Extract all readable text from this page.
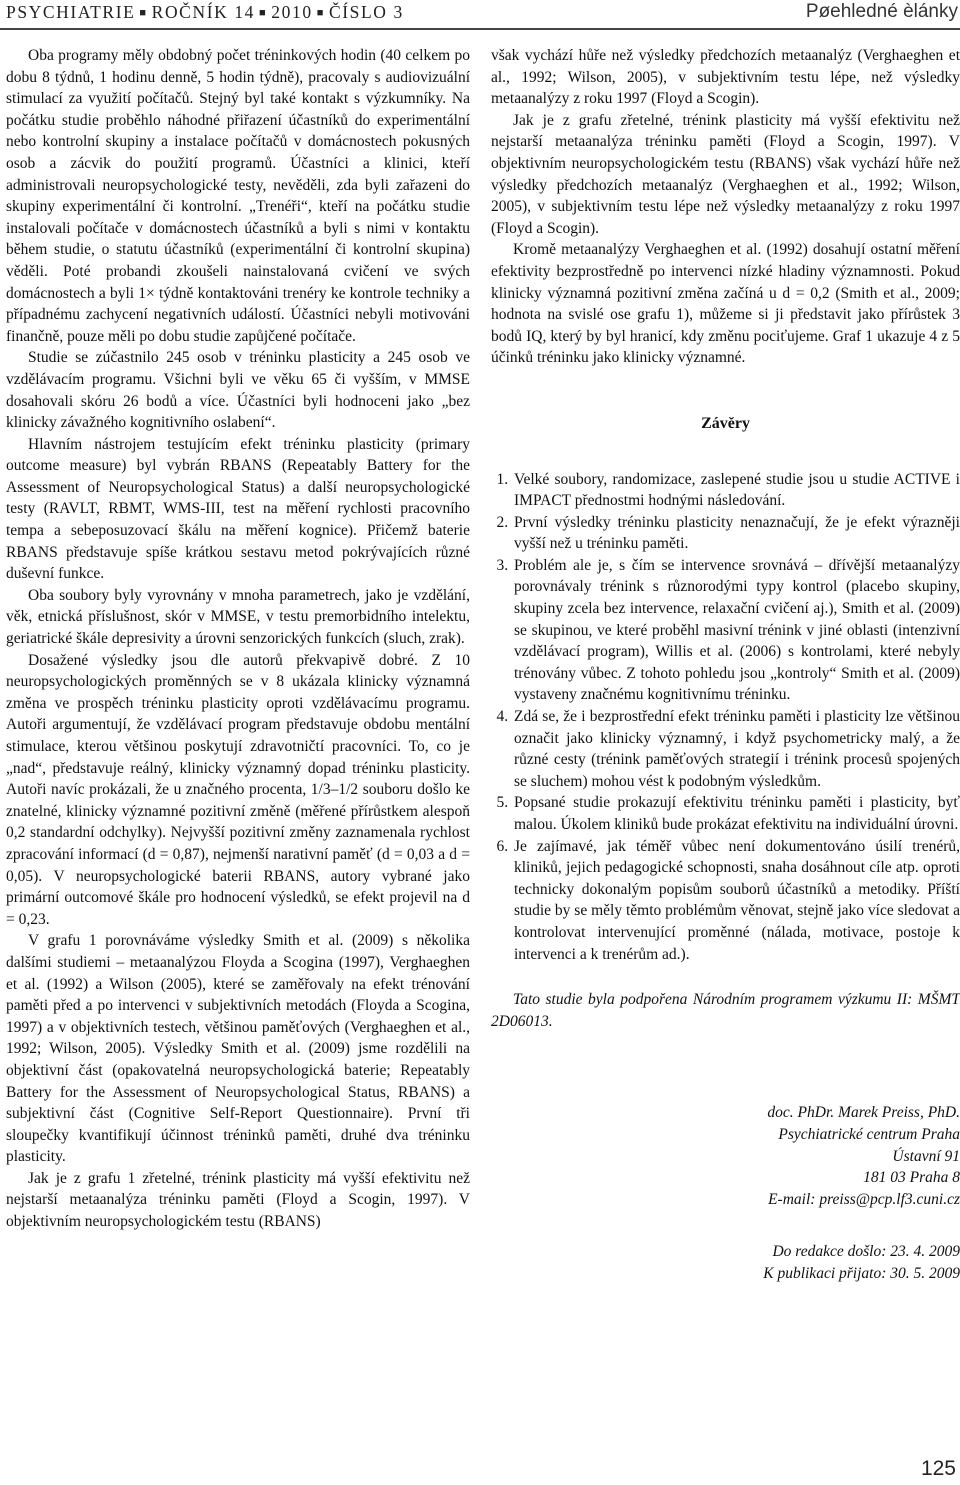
PSYCHIATRIE ■ ROČNÍK 14 ■ 2010 ■ ČÍSLO 3	Pøehledné èlánky

Oba programy měly obdobný počet tréninkových hodin (40 celkem po dobu 8 týdnů, 1 hodinu denně, 5 hodin týdně), pracovaly s audiovizuální stimulací za využití počítačů. Stejný byl také kontakt s výzkumníky. Na počátku studie proběhlo náhodné přiřazení účastníků do experimentální nebo kontrolní skupiny a instalace počítačů v domácnostech pokusných osob a zácvik do použití programů. Účastníci a klinici, kteří administrovali neuropsychologické testy, nevěděli, zda byli zařazeni do skupiny experimentální či kontrolní. „Trenéři“, kteří na počátku studie instalovali počítače v domácnostech účastníků a byli s nimi v kontaktu během studie, o statutu účastníků (experimentální či kontrolní skupina) věděli. Poté probandi zkoušeli nainstalovaná cvičení ve svých domácnostech a byli 1× týdně kontaktováni trenéry ke kontrole techniky a případnému zachycení negativních událostí. Účastníci nebyli motivováni finančně, pouze měli po dobu studie zapůjčené počítače.

Studie se zúčastnilo 245 osob v tréninku plasticity a 245 osob ve vzdělávacím programu. Všichni byli ve věku 65 či vyšším, v MMSE dosahovali skóru 26 bodů a více. Účastníci byli hodnoceni jako „bez klinicky závažného kognitivního oslabení“.

Hlavním nástrojem testujícím efekt tréninku plasticity (primary outcome measure) byl vybrán RBANS (Repeatably Battery for the Assessment of Neuropsychological Status) a další neuropsychologické testy (RAVLT, RBMT, WMS-III, test na měření rychlosti pracovního tempa a sebeposuzovací škálu na měření kognice). Přičemž baterie RBANS představuje spíše krátkou sestavu metod pokrývajících různé duševní funkce.

Oba soubory byly vyrovnány v mnoha parametrech, jako je vzdělání, věk, etnická příslušnost, skór v MMSE, v testu premorbidního intelektu, geriatrické škále depresivity a úrovni senzorických funkcích (sluch, zrak).

Dosažené výsledky jsou dle autorů překvapivě dobré. Z 10 neuropsychologických proměnných se v 8 ukázala klinicky významná změna ve prospěch tréninku plasticity oproti vzdělávacímu programu. Autoři argumentují, že vzdělávací program představuje obdobu mentální stimulace, kterou většinou poskytují zdravotničtí pracovníci. To, co je „nad“, představuje reálný, klinicky významný dopad tréninku plasticity. Autoři navíc prokázali, že u značného procenta, 1/3–1/2 souboru došlo ke znatelné, klinicky významné pozitivní změně (měřené přírůstkem alespoň 0,2 standardní odchylky). Nejvyšší pozitivní změny zaznamenala rychlost zpracování informací (d = 0,87), nejmenší narativní paměť (d = 0,03 a d = 0,05). V neuropsychologické baterii RBANS, autory vybrané jako primární outcomové škále pro hodnocení výsledků, se efekt projevil na d = 0,23.

V grafu 1 porovnáváme výsledky Smith et al. (2009) s několika dalšími studiemi – metaanalýzou Floyda a Scogina (1997), Verghaeghen et al. (1992) a Wilson (2005), které se zaměřovaly na efekt trénování paměti před a po intervenci v subjektivních metodách (Floyda a Scogina, 1997) a v objektivních testech, většinou paměťových (Verghaeghen et al., 1992; Wilson, 2005). Výsledky Smith et al. (2009) jsme rozdělili na objektivní část (opakovatelná neuropsychologická baterie; Repeatably Battery for the Assessment of Neuropsychological Status, RBANS) a subjektivní část (Cognitive Self-Report Questionnaire). První tři sloupečky kvantifikují účinnost tréninků paměti, druhé dva tréninku plasticity.

Jak je z grafu 1 zřetelné, trénink plasticity má vyšší efektivitu než nejstarší metaanalýza tréninku paměti (Floyd a Scogin, 1997). V objektivním neuropsychologickém testu (RBANS)

však vychází hůře než výsledky předchozích metaanalýz (Verghaeghen et al., 1992; Wilson, 2005), v subjektivním testu lépe, než výsledky metaanalýzy z roku 1997 (Floyd a Scogin).

Jak je z grafu zřetelné, trénink plasticity má vyšší efektivitu než nejstarší metaanalýza tréninku paměti (Floyd a Scogin, 1997). V objektivním neuropsychologickém testu (RBANS) však vychází hůře než výsledky předchozích metaanalýz (Verghaeghen et al., 1992; Wilson, 2005), v subjektivním testu lépe než výsledky metaanalýzy z roku 1997 (Floyd a Scogin).

Kromě metaanalýzy Verghaeghen et al. (1992) dosahují ostatní měření efektivity bezprostředně po intervenci nízké hladiny významnosti. Pokud klinicky významná pozitivní změna začíná u d = 0,2 (Smith et al., 2009; hodnota na svislé ose grafu 1), můžeme si ji představit jako přírůstek 3 bodů IQ, který by byl hranicí, kdy změnu pociťujeme. Graf 1 ukazuje 4 z 5 účinků tréninku jako klinicky významné.

Závěry
1. Velké soubory, randomizace, zaslepené studie jsou u studie ACTIVE i IMPACT přednostmi hodnými následování.
2. První výsledky tréninku plasticity nenaznačují, že je efekt výrazněji vyšší než u tréninku paměti.
3. Problém ale je, s čím se intervence srovnává – dřívější metaanalýzy porovnávaly trénink s různorodými typy kontrol (placebo skupiny, skupiny zcela bez intervence, relaxační cvičení aj.), Smith et al. (2009) se skupinou, ve které proběhl masivní trénink v jiné oblasti (intenzivní vzdělávací program), Willis et al. (2006) s kontrolami, které nebyly trénovány vůbec. Z tohoto pohledu jsou „kontroly“ Smith et al. (2009) vystaveny značnému kognitivnímu tréninku.
4. Zdá se, že i bezprostřední efekt tréninku paměti i plasticity lze většinou označit jako klinicky významný, i když psychometricky malý, a že různé cesty (trénink paměťových strategií i trénink procesů spojených se sluchem) mohou vést k podobným výsledkům.
5. Popsané studie prokazují efektivitu tréninku paměti i plasticity, byť malou. Úkolem kliniků bude prokázat efektivitu na individuální úrovni.
6. Je zajímavé, jak téměř vůbec není dokumentováno úsilí trenérů, kliniků, jejich pedagogické schopnosti, snaha dosáhnout cíle atp. oproti technicky dokonalým popisům souborů účastníků a metodiky. Příští studie by se měly těmto problémům věnovat, stejně jako více sledovat a kontrolovat intervenující proměnné (nálada, motivace, postoje k intervenci a k trenérům ad.).
Tato studie byla podpořena Národním programem výzkumu II: MŠMT 2D06013.
doc. PhDr. Marek Preiss, PhD.
Psychiatrické centrum Praha
Ústavní 91
181 03 Praha 8
E-mail: preiss@pcp.lf3.cuni.cz
Do redakce došlo: 23. 4. 2009
K publikaci přijato: 30. 5. 2009
125
